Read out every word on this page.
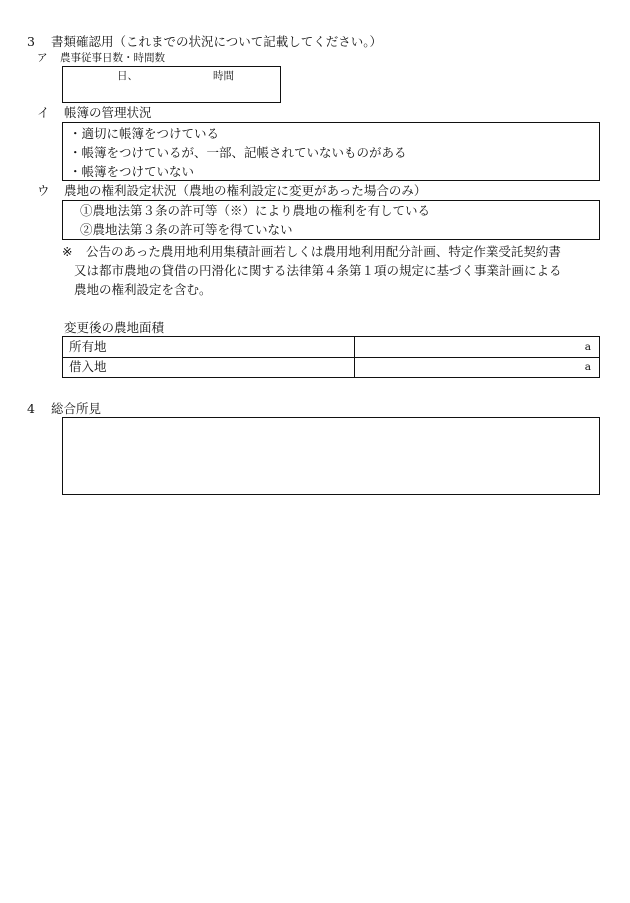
3 書類確認用（これまでの状況について記載してください。）
ア 農事従事日数・時間数
日、	時間
イ 帳簿の管理状況
・適切に帳簿をつけている
・帳簿をつけているが、一部、記帳されていないものがある
・帳簿をつけていない
ウ 農地の権利設定状況（農地の権利設定に変更があった場合のみ）
①農地法第３条の許可等（※）により農地の権利を有している
②農地法第３条の許可等を得ていない
※ 公告のあった農用地利用集積計画若しくは農用地利用配分計画、特定作業受託契約書
又は都市農地の貸借の円滑化に関する法律第４条第１項の規定に基づく事業計画による
農地の権利設定を含む。
変更後の農地面積
所有地	a
借入地	a
4 総合所見
